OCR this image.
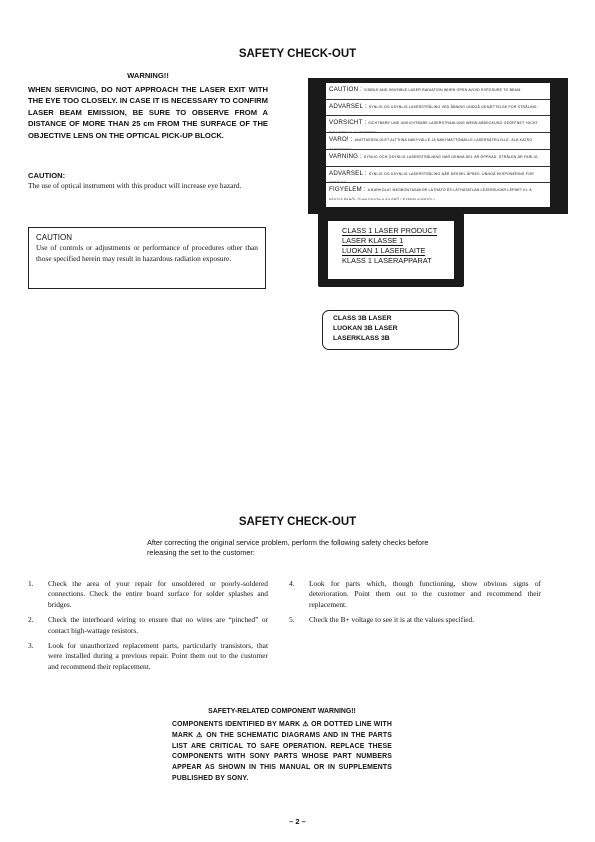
SAFETY CHECK-OUT
WARNING!!
WHEN SERVICING, DO NOT APPROACH THE LASER EXIT WITH THE EYE TOO CLOSELY. IN CASE IT IS NECESSARY TO CONFIRM LASER BEAM EMISSION, BE SURE TO OBSERVE FROM A DISTANCE OF MORE THAN 25 cm FROM THE SURFACE OF THE OBJECTIVE LENS ON THE OPTICAL PICK-UP BLOCK.
CAUTION:
The use of optical instrument with this product will increase eye hazard.
CAUTION
Use of controls or adjustments or performance of procedures other than those specified herein may result in hazardous radiation exposure.
CAUTION : VISIBLE AND INVISIBLE LASER RADIATION WHEN OPEN AVOID EXPOSURE TO BEAM.
ADVARSEL : SYNLIG OG USYNLIG LASERSTRÅLING VED ÅBNING UNDGÅ UDSÆTTELSE FOR STRÅLING.
VORSICHT : SICHTBARE UND UNSICHTBARE LASERSTRAHLUNG WENN ABDECKUNG GEÖFFNET. NICHT DEM STRAHL AUSSETZEN.
VARO! : AVATTAESSA OLET ALTTIINA NÄKYVÄLLE JA NÄKYMÄTTÖMÄLLE LASERSÄTEILYLLE. ÄLÄ KATSO SÄTEESEEN.
VARNING : SYNLIG OCH OSYNLIG LASERSTRÅLNING NÄR DENNA DEL ÄR ÖPPNAD. STRÅLEN ÄR FARLIG.
ADVARSEL : SYNLIG OG USYNLIG LASERSTRÅLING NÅR DEKSEL ÅPNES. UNNGÅ EKSPONERING FOR STRÅLEN.
FIGYELEM : A BURKOLAT MEGBONTÁSAKOR LÁTHATÓ ÉS LÁTHATATLAN LÉZERSUGÁR LÉPHET KI. A KÉSZÜLÉKBŐL ÓVAKODJON A KILÉPŐ LÉZERSUGÁRTÓL!
CLASS 1 LASER PRODUCT
LASER KLASSE 1
LUOKAN 1 LASERLAITE
KLASS 1 LASERAPPARAT
CLASS 3B LASER
LUOKAN 3B LASER
LASERKLASS 3B
SAFETY CHECK-OUT
After correcting the original service problem, perform the following safety checks before releasing the set to the customer:
1. Check the area of your repair for unsoldered or poorly-soldered connections. Check the entire board surface for solder splashes and bridges.
2. Check the interboard wiring to ensure that no wires are “pinched” or contact high-wattage resistors.
3. Look for unauthorized replacement parts, particularly transistors, that were installed during a previous repair. Point them out to the customer and recommend their replacement.
4. Look for parts which, though functioning, show obvious signs of deterioration. Point them out to the customer and recommend their replacement.
5. Check the B+ voltage to see it is at the values specified.
SAFETY-RELATED COMPONENT WARNING!!
COMPONENTS IDENTIFIED BY MARK ⚠ OR DOTTED LINE WITH MARK ⚠ ON THE SCHEMATIC DIAGRAMS AND IN THE PARTS LIST ARE CRITICAL TO SAFE OPERATION. REPLACE THESE COMPONENTS WITH SONY PARTS WHOSE PART NUMBERS APPEAR AS SHOWN IN THIS MANUAL OR IN SUPPLEMENTS PUBLISHED BY SONY.
– 2 –
